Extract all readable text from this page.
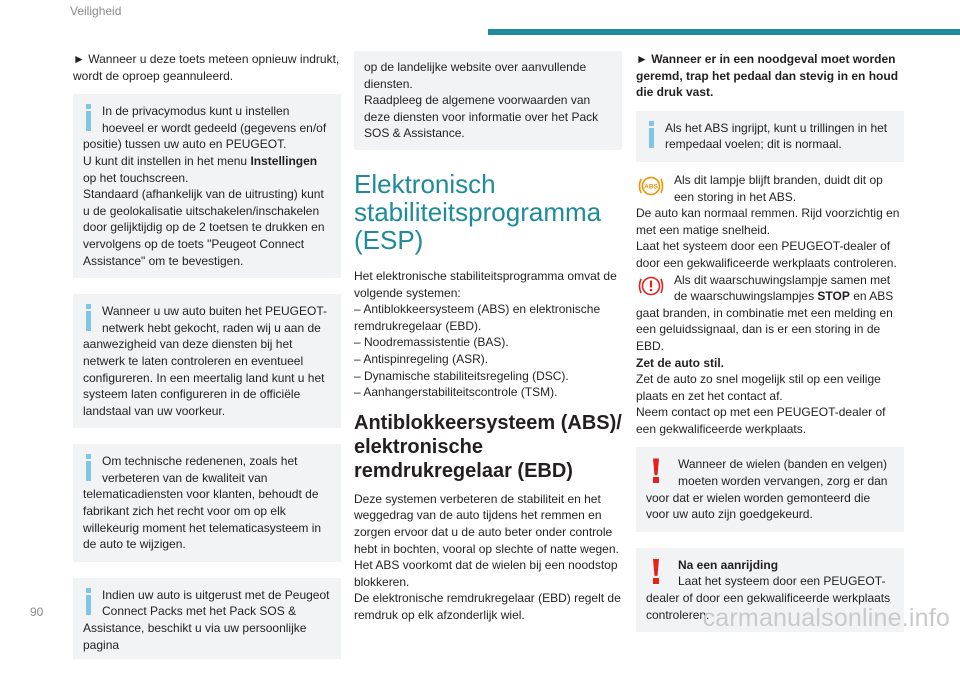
Veiligheid

► Wanneer u deze toets meteen opnieuw indrukt, wordt de oproep geannuleerd.

In de privacymodus kunt u instellen hoeveel er wordt gedeeld (gegevens en/of positie) tussen uw auto en PEUGEOT.
U kunt dit instellen in het menu Instellingen op het touchscreen.
Standaard (afhankelijk van de uitrusting) kunt u de geolokalisatie uitschakelen/inschakelen door gelijktijdig op de 2 toetsen te drukken en vervolgens op de toets "Peugeot Connect Assistance" om te bevestigen.
Wanneer u uw auto buiten het PEUGEOT-netwerk hebt gekocht, raden wij u aan de aanwezigheid van deze diensten bij het netwerk te laten controleren en eventueel configureren. In een meertalig land kunt u het systeem laten configureren in de officiële landstaal van uw voorkeur.
Om technische redenenen, zoals het verbeteren van de kwaliteit van telematicadiensten voor klanten, behoudt de fabrikant zich het recht voor om op elk willekeurig moment het telematicasysteem in de auto te wijzigen.
Indien uw auto is uitgerust met de Peugeot Connect Packs met het Pack SOS & Assistance, beschikt u via uw persoonlijke pagina
op de landelijke website over aanvullende diensten.
Raadpleeg de algemene voorwaarden van deze diensten voor informatie over het Pack SOS & Assistance.
Elektronisch stabiliteitsprogramma (ESP)

Het elektronische stabiliteitsprogramma omvat de volgende systemen:

– Antiblokkeersysteem (ABS) en elektronische remdrukregelaar (EBD).
– Noodremassistentie (BAS).
– Antispinregeling (ASR).
– Dynamische stabiliteitsregeling (DSC).
– Aanhangerstabiliteitscontrole (TSM).
Antiblokkeersysteem (ABS)/ elektronische remdrukregelaar (EBD)
Deze systemen verbeteren de stabiliteit en het weggedrag van de auto tijdens het remmen en zorgen ervoor dat u de auto beter onder controle hebt in bochten, vooral op slechte of natte wegen.
Het ABS voorkomt dat de wielen bij een noodstop blokkeren.
De elektronische remdrukregelaar (EBD) regelt de remdruk op elk afzonderlijk wiel.

► Wanneer er in een noodgeval moet worden geremd, trap het pedaal dan stevig in en houd die druk vast.

Als het ABS ingrijpt, kunt u trillingen in het rempedaal voelen; dit is normaal.
ABS Als dit lampje blijft branden, duidt dit op een storing in het ABS.
De auto kan normaal remmen. Rijd voorzichtig en met een matige snelheid.
Laat het systeem door een PEUGEOT-dealer of door een gekwalificeerde werkplaats controleren.
Als dit waarschuwingslampje samen met de waarschuwingslampjes STOP en ABS gaat branden, in combinatie met een melding en een geluidssignaal, dan is er een storing in de EBD.
Zet de auto stil.
Zet de auto zo snel mogelijk stil op een veilige plaats en zet het contact af.
Neem contact op met een PEUGEOT-dealer of een gekwalificeerde werkplaats.
Wanneer de wielen (banden en velgen) moeten worden vervangen, zorg er dan voor dat er wielen worden gemonteerd die voor uw auto zijn goedgekeurd.
Na een aanrijding
Laat het systeem door een PEUGEOT-dealer of door een gekwalificeerde werkplaats controleren.
90	carmanualsonline.info
